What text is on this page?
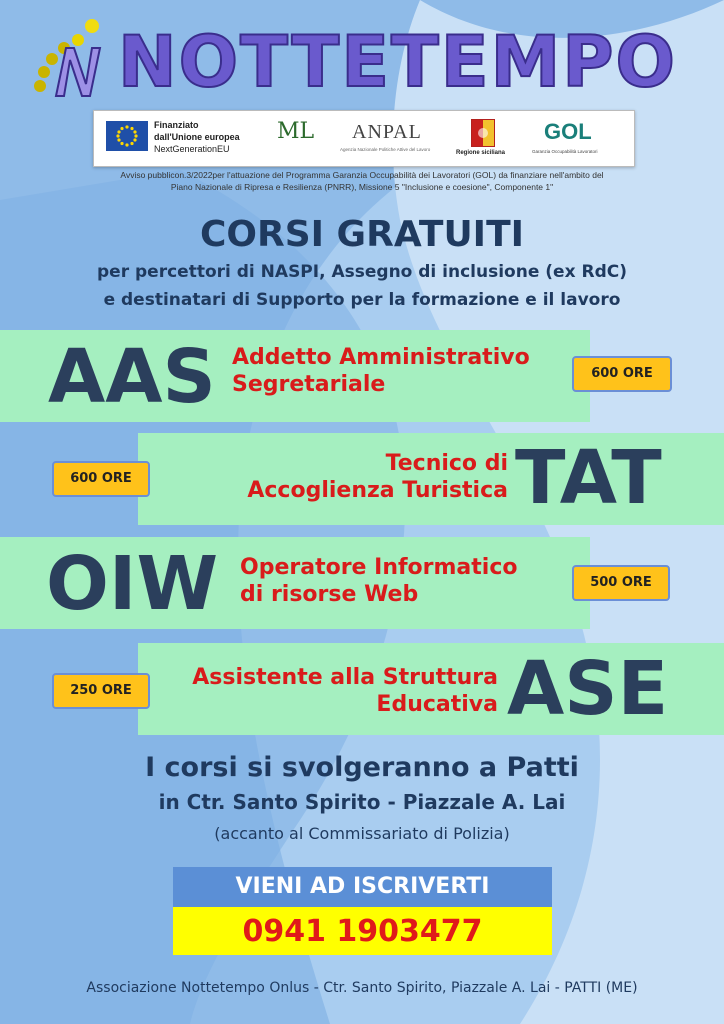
NOTTETEMPO
Finanziato
dall'Unione europea
NextGenerationEU
ML ANPAL
Agenzia Nazionale Politiche Attive del Lavoro
Regione siciliana
GOL
Garanzia Occupabilità Lavoratori
Avviso pubblicon.3/2022per l'attuazione del Programma Garanzia Occupabilità dei Lavoratori (GOL) da finanziare nell'ambito del
Piano Nazionale di Ripresa e Resilienza (PNRR), Missione 5 "Inclusione e coesione", Componente 1"
CORSI GRATUITI
per percettori di NASPI, Assegno di inclusione (ex RdC)
e destinatari di Supporto per la formazione e il lavoro
AAS Addetto Amministrativo
Segretariale	600 ORE
600 ORE
Tecnico di
Accoglienza Turistica TAT
OIW Operatore Informatico
di risorse Web	500 ORE
250 ORE
Assistente alla Struttura
Educativa ASE
I corsi si svolgeranno a Patti
in Ctr. Santo Spirito - Piazzale A. Lai
(accanto al Commissariato di Polizia)
VIENI AD ISCRIVERTI
0941 1903477
Associazione Nottetempo Onlus - Ctr. Santo Spirito, Piazzale A. Lai - PATTI (ME)
